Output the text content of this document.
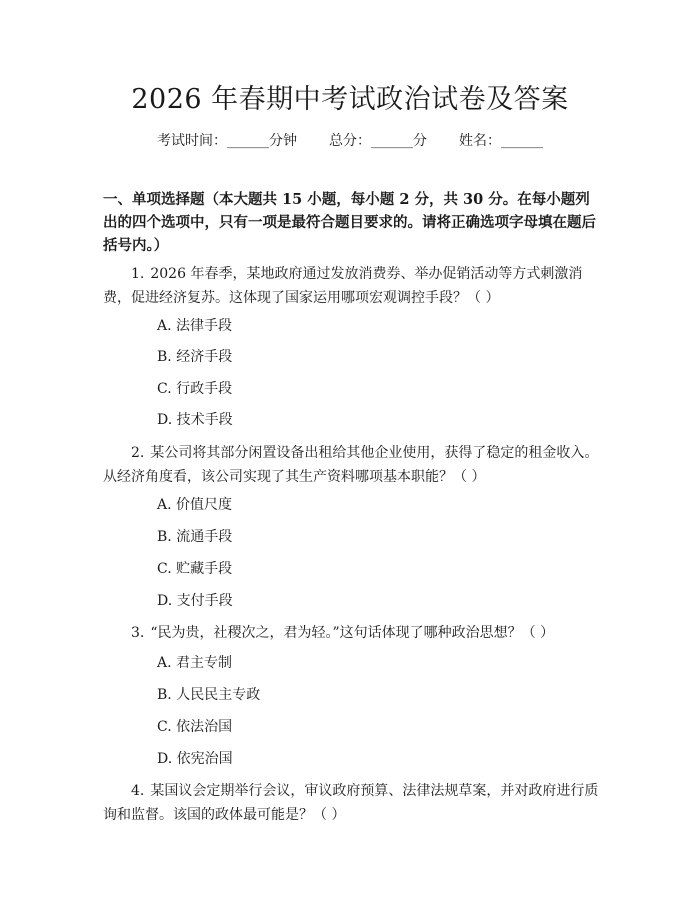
2026 年春期中考试政治试卷及答案
考试时间：______分钟 总分：______分 姓名：______
一、单项选择题（本大题共 15 小题，每小题 2 分，共 30 分。在每小题列出的四个选项中，只有一项是最符合题目要求的。请将正确选项字母填在题后括号内。）
1. 2026 年春季，某地政府通过发放消费券、举办促销活动等方式刺激消费，促进经济复苏。这体现了国家运用哪项宏观调控手段？（ ）
A. 法律手段
B. 经济手段
C. 行政手段
D. 技术手段
2. 某公司将其部分闲置设备出租给其他企业使用，获得了稳定的租金收入。从经济角度看，该公司实现了其生产资料哪项基本职能？（ ）
A. 价值尺度
B. 流通手段
C. 贮藏手段
D. 支付手段
3. “民为贵，社稷次之，君为轻。”这句话体现了哪种政治思想？（ ）
A. 君主专制
B. 人民民主专政
C. 依法治国
D. 依宪治国
4. 某国议会定期举行会议，审议政府预算、法律法规草案，并对政府进行质询和监督。该国的政体最可能是？（ ）
